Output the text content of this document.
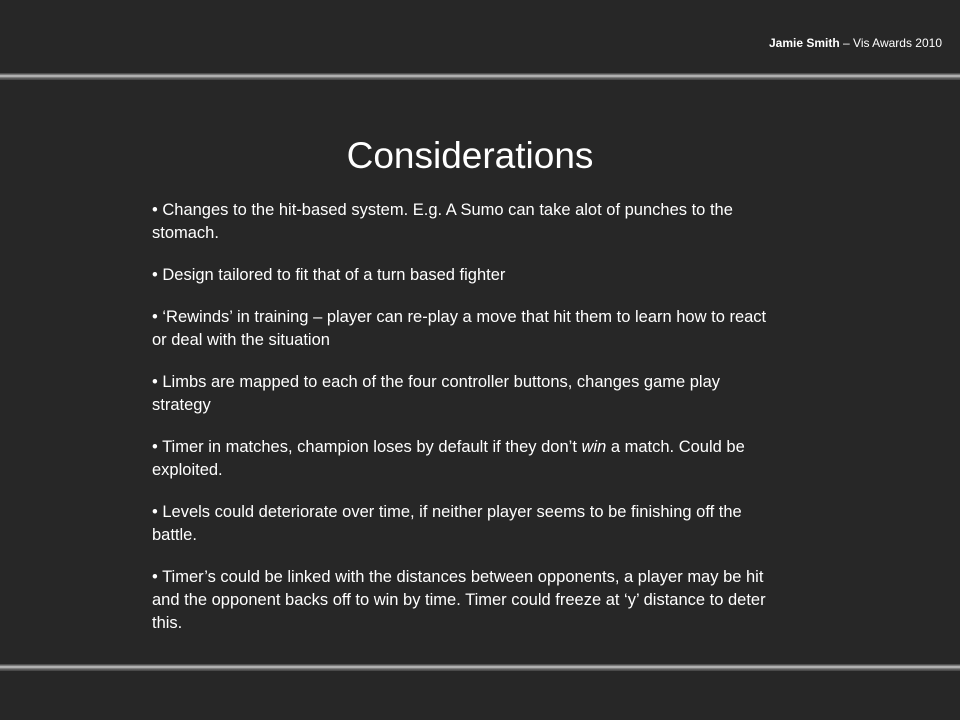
Jamie Smith – Vis Awards 2010
Considerations
• Changes to the hit-based system. E.g. A Sumo can take alot of punches to the stomach.
• Design tailored to fit that of a turn based fighter
• ‘Rewinds’ in training – player can re-play a move that hit them to learn how to react or deal with the situation
• Limbs are mapped to each of the four controller buttons, changes game play strategy
• Timer in matches, champion loses by default if they don’t win a match. Could be exploited.
• Levels could deteriorate over time, if neither player seems to be finishing off the battle.
• Timer’s could be linked with the distances between opponents, a player may be hit and the opponent backs off to win by time. Timer could freeze at ‘y’ distance to deter this.
